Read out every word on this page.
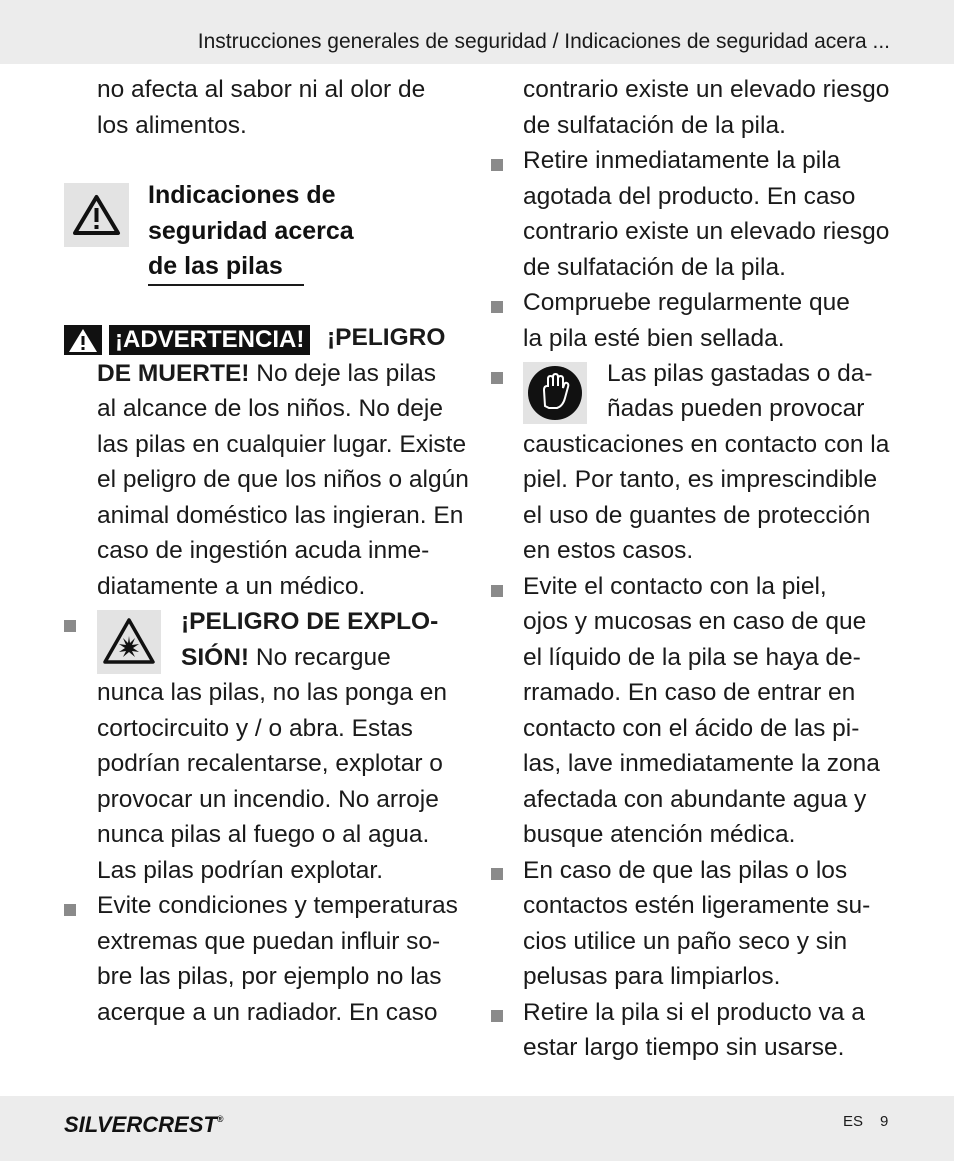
Instrucciones generales de seguridad / Indicaciones de seguridad acera ...
no afecta al sabor ni al olor de
los alimentos.
Indicaciones de
seguridad acerca
de las pilas
¡ADVERTENCIA! ¡PELIGRO
DE MUERTE! No deje las pilas
al alcance de los niños. No deje
las pilas en cualquier lugar. Existe
el peligro de que los niños o algún
animal doméstico las ingieran. En
caso de ingestión acuda inme-
diatamente a un médico.
¡PELIGRO DE EXPLO-
SIÓN! No recargue
nunca las pilas, no las ponga en
cortocircuito y / o abra. Estas
podrían recalentarse, explotar o
provocar un incendio. No arroje
nunca pilas al fuego o al agua.
Las pilas podrían explotar.
Evite condiciones y temperaturas
extremas que puedan influir so-
bre las pilas, por ejemplo no las
acerque a un radiador. En caso
contrario existe un elevado riesgo
de sulfatación de la pila.
Retire inmediatamente la pila
agotada del producto. En caso
contrario existe un elevado riesgo
de sulfatación de la pila.
Compruebe regularmente que
la pila esté bien sellada.
Las pilas gastadas o da-
ñadas pueden provocar
causticaciones en contacto con la
piel. Por tanto, es imprescindible
el uso de guantes de protección
en estos casos.
Evite el contacto con la piel,
ojos y mucosas en caso de que
el líquido de la pila se haya de-
rramado. En caso de entrar en
contacto con el ácido de las pi-
las, lave inmediatamente la zona
afectada con abundante agua y
busque atención médica.
En caso de que las pilas o los
contactos estén ligeramente su-
cios utilice un paño seco y sin
pelusas para limpiarlos.
Retire la pila si el producto va a
estar largo tiempo sin usarse.
SILVERCREST®	ES 9
